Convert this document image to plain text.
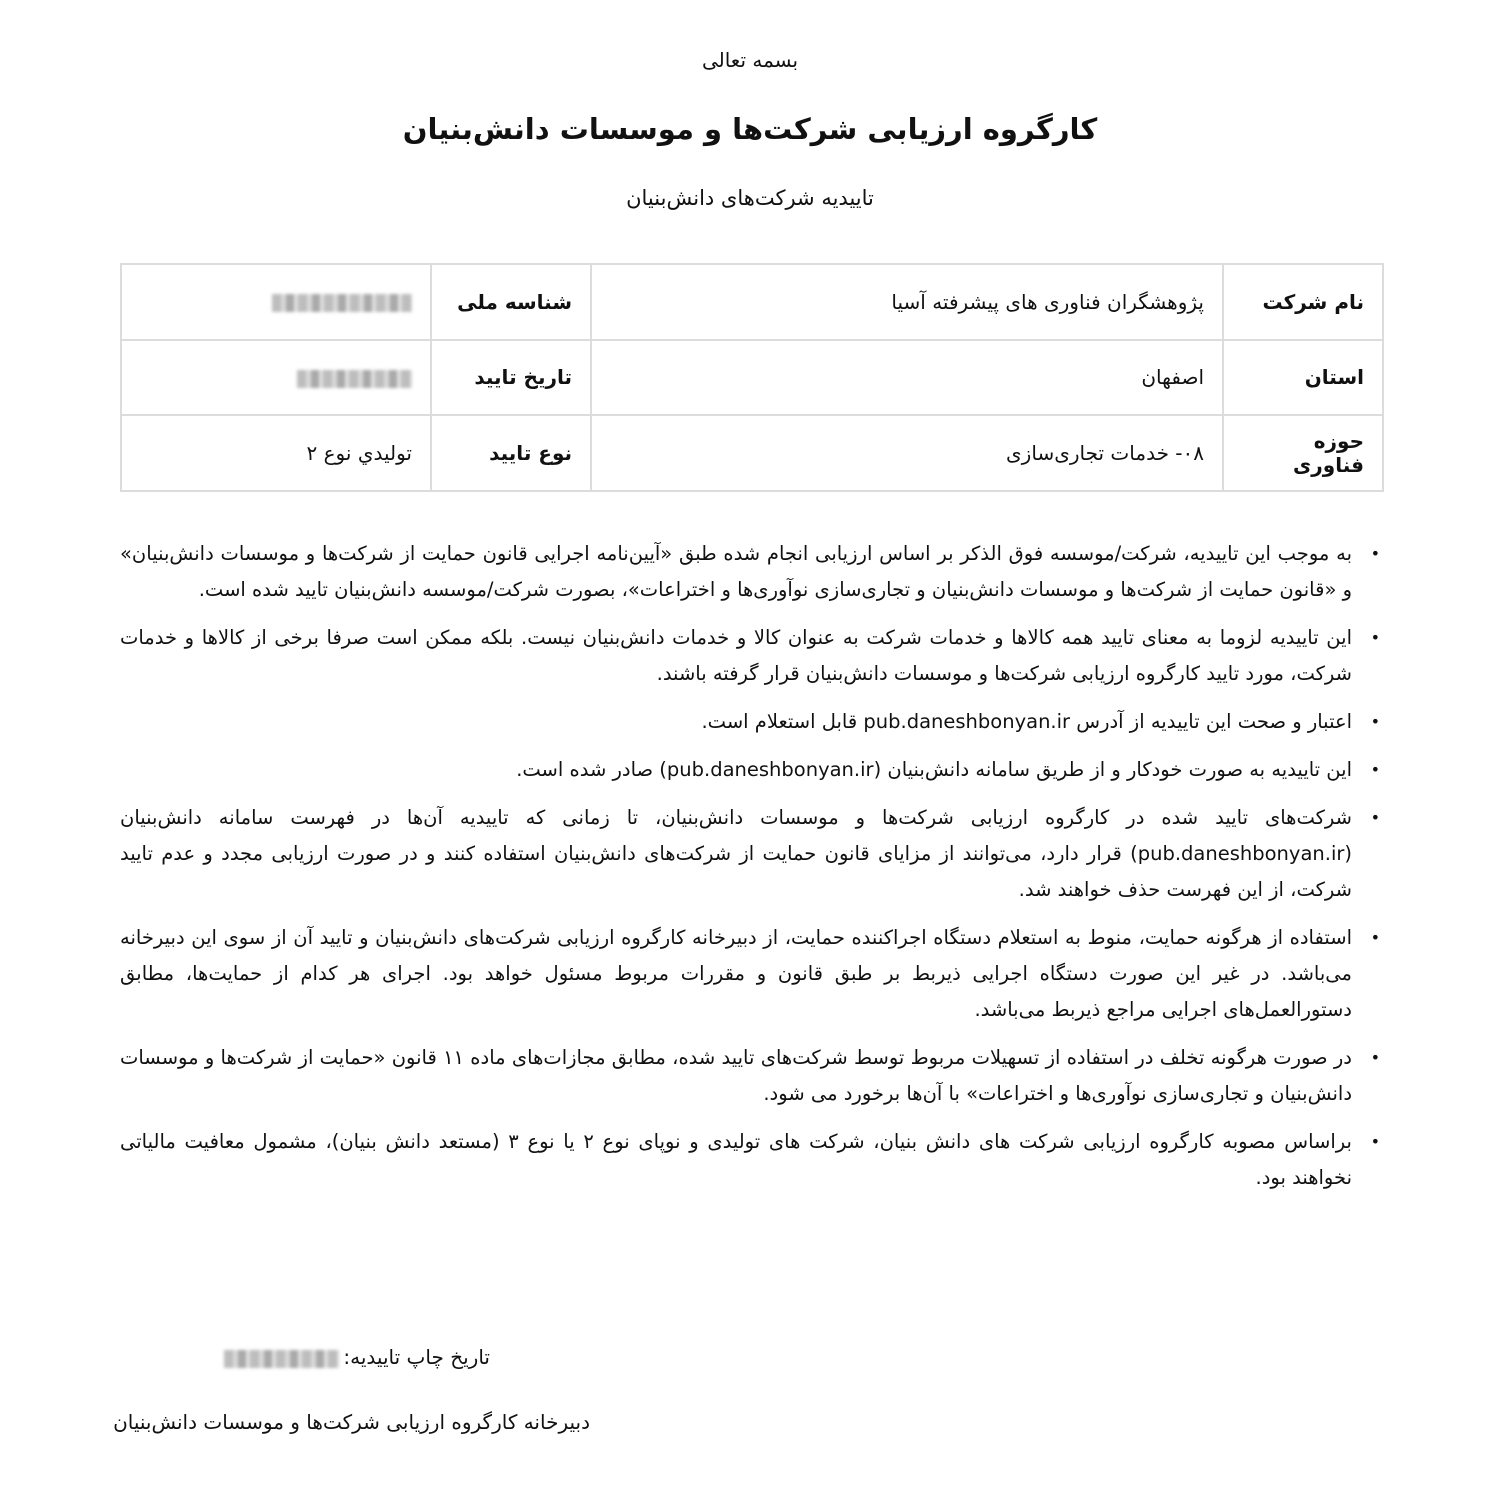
بسمه تعالی
کارگروه ارزیابی شرکت‌ها و موسسات دانش‌بنیان
تاییدیه شرکت‌های دانش‌بنیان
نام شرکت	پژوهشگران فناوری های پیشرفته آسیا	شناسه ملی	
استان	اصفهان	تاریخ تایید	
حوزه فناوری	۰۸- خدمات تجاری‌سازی	نوع تایید	توليدي نوع ۲
•
به موجب این تاییدیه، شرکت/موسسه فوق الذکر بر اساس ارزیابی انجام شده طبق «آیین‌نامه اجرایی قانون حمایت از شرکت‌ها و موسسات دانش‌بنیان» و «قانون حمایت از شرکت‌ها و موسسات دانش‌بنیان و تجاری‌سازی نوآوری‌ها و اختراعات»، بصورت شرکت/موسسه دانش‌بنیان تایید شده است.
•
این تاییدیه لزوما به معنای تایید همه کالاها و خدمات شرکت به عنوان کالا و خدمات دانش‌بنیان نیست. بلکه ممکن است صرفا برخی از کالاها و خدمات شرکت، مورد تایید کارگروه ارزیابی شرکت‌ها و موسسات دانش‌بنیان قرار گرفته باشند.
•
اعتبار و صحت این تاییدیه از آدرس pub.daneshbonyan.ir قابل استعلام است.
•
این تاییدیه به صورت خودکار و از طریق سامانه دانش‌بنیان (pub.daneshbonyan.ir) صادر شده است.
•
شرکت‌های تایید شده در کارگروه ارزیابی شرکت‌ها و موسسات دانش‌بنیان، تا زمانی که تاییدیه آن‌ها در فهرست سامانه دانش‌بنیان (pub.daneshbonyan.ir) قرار دارد، می‌توانند از مزایای قانون حمایت از شرکت‌های دانش‌بنیان استفاده کنند و در صورت ارزیابی مجدد و عدم تایید شرکت، از این فهرست حذف خواهند شد.
•
استفاده از هرگونه حمایت، منوط به استعلام دستگاه اجراکننده حمایت، از دبیرخانه کارگروه ارزیابی شرکت‌های دانش‌بنیان و تایید آن از سوی این دبیرخانه می‌باشد. در غیر این صورت دستگاه اجرایی ذیربط بر طبق قانون و مقررات مربوط مسئول خواهد بود. اجرای هر کدام از حمایت‌ها، مطابق دستورالعمل‌های اجرایی مراجع ذیربط می‌باشد.
•
در صورت هرگونه تخلف در استفاده از تسهیلات مربوط توسط شرکت‌های تایید شده، مطابق مجازات‌های ماده ۱۱ قانون «حمایت از شرکت‌ها و موسسات دانش‌بنیان و تجاری‌سازی نوآوری‌ها و اختراعات» با آن‌ها برخورد می شود.
•
براساس مصوبه کارگروه ارزیابی شرکت های دانش بنیان، شرکت های تولیدی و نوپای نوع ۲ یا نوع ۳ (مستعد دانش بنیان)، مشمول معافیت مالیاتی نخواهند بود.
تاریخ چاپ تاییدیه:
دبیرخانه کارگروه ارزیابی شرکت‌ها و موسسات دانش‌بنیان
